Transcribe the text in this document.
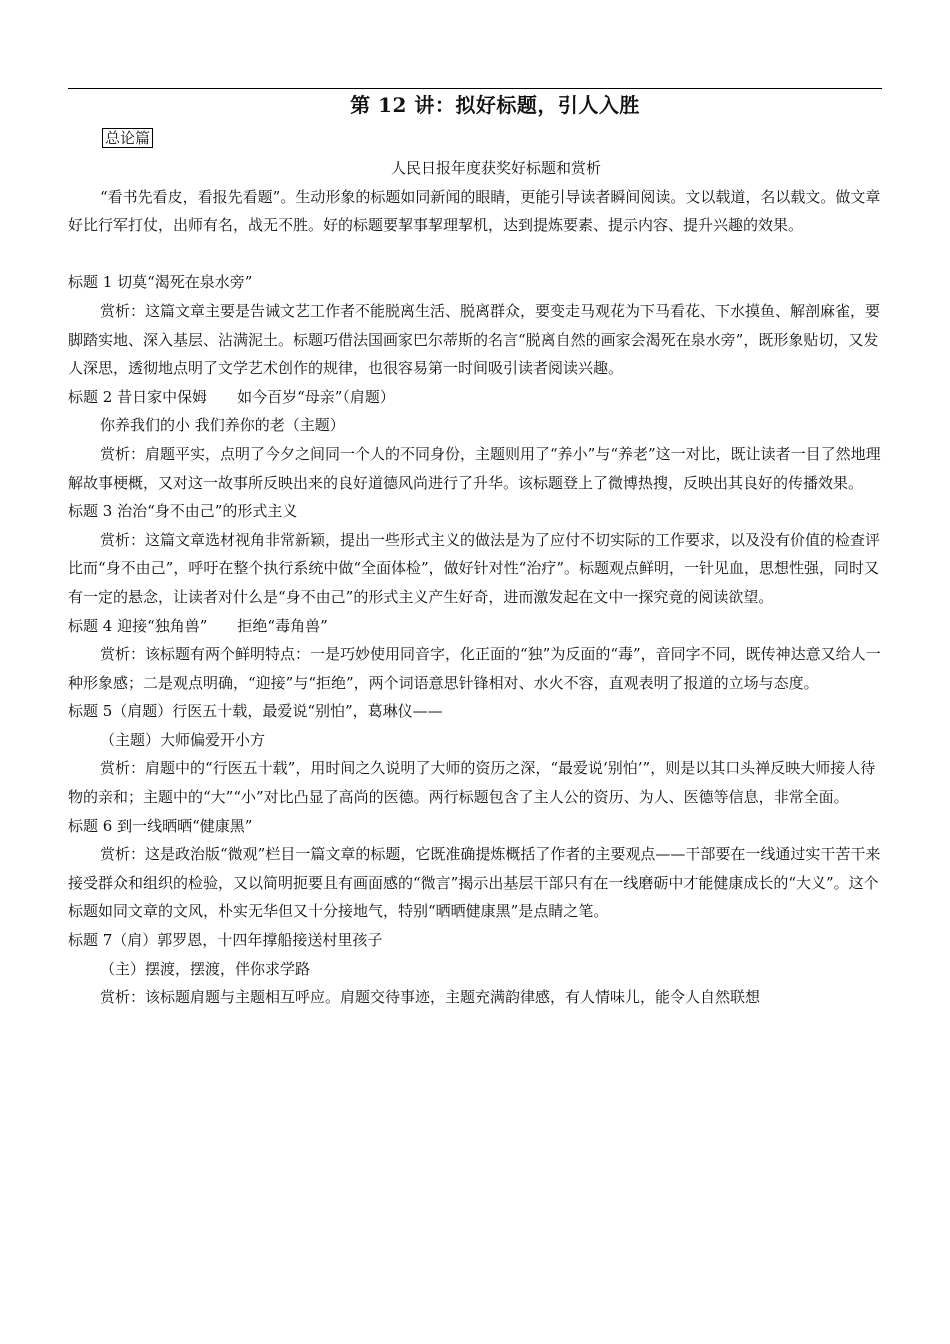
第 12 讲：拟好标题，引人入胜
总论篇

人民日报年度获奖好标题和赏析

“看书先看皮，看报先看题”。生动形象的标题如同新闻的眼睛，更能引导读者瞬间阅读。文以载道，名以载文。做文章好比行军打仗，出师有名，战无不胜。好的标题要挈事挈理挈机，达到提炼要素、提示内容、提升兴趣的效果。

标题 1 切莫“渴死在泉水旁”

赏析：这篇文章主要是告诫文艺工作者不能脱离生活、脱离群众，要变走马观花为下马看花、下水摸鱼、解剖麻雀，要脚踏实地、深入基层、沾满泥土。标题巧借法国画家巴尔蒂斯的名言“脱离自然的画家会渴死在泉水旁”，既形象贴切，又发人深思，透彻地点明了文学艺术创作的规律，也很容易第一时间吸引读者阅读兴趣。

标题 2 昔日家中保姆　　如今百岁“母亲”（肩题）

你养我们的小 我们养你的老（主题）

赏析：肩题平实，点明了今夕之间同一个人的不同身份，主题则用了“养小”与“养老”这一对比，既让读者一目了然地理解故事梗概，又对这一故事所反映出来的良好道德风尚进行了升华。该标题登上了微博热搜，反映出其良好的传播效果。

标题 3 治治“身不由己”的形式主义

赏析：这篇文章选材视角非常新颖，提出一些形式主义的做法是为了应付不切实际的工作要求，以及没有价值的检查评比而“身不由己”，呼吁在整个执行系统中做“全面体检”，做好针对性“治疗”。标题观点鲜明，一针见血，思想性强，同时又有一定的悬念，让读者对什么是“身不由己”的形式主义产生好奇，进而激发起在文中一探究竟的阅读欲望。

标题 4 迎接“独角兽”　　拒绝“毒角兽”

赏析：该标题有两个鲜明特点：一是巧妙使用同音字，化正面的“独”为反面的“毒”，音同字不同，既传神达意又给人一种形象感；二是观点明确，“迎接”与“拒绝”，两个词语意思针锋相对、水火不容，直观表明了报道的立场与态度。

标题 5（肩题）行医五十载，最爱说“别怕”，葛琳仪——

（主题）大师偏爱开小方

赏析：肩题中的“行医五十载”，用时间之久说明了大师的资历之深，“最爱说‘别怕’”，则是以其口头禅反映大师接人待物的亲和；主题中的“大”“小”对比凸显了高尚的医德。两行标题包含了主人公的资历、为人、医德等信息，非常全面。

标题 6 到一线晒晒“健康黑”

赏析：这是政治版“微观”栏目一篇文章的标题，它既准确提炼概括了作者的主要观点——干部要在一线通过实干苦干来接受群众和组织的检验，又以简明扼要且有画面感的“微言”揭示出基层干部只有在一线磨砺中才能健康成长的“大义”。这个标题如同文章的文风，朴实无华但又十分接地气，特别“晒晒健康黑”是点睛之笔。

标题 7（肩）郭罗恩，十四年撑船接送村里孩子

（主）摆渡，摆渡，伴你求学路

赏析：该标题肩题与主题相互呼应。肩题交待事迹，主题充满韵律感，有人情味儿，能令人自然联想
